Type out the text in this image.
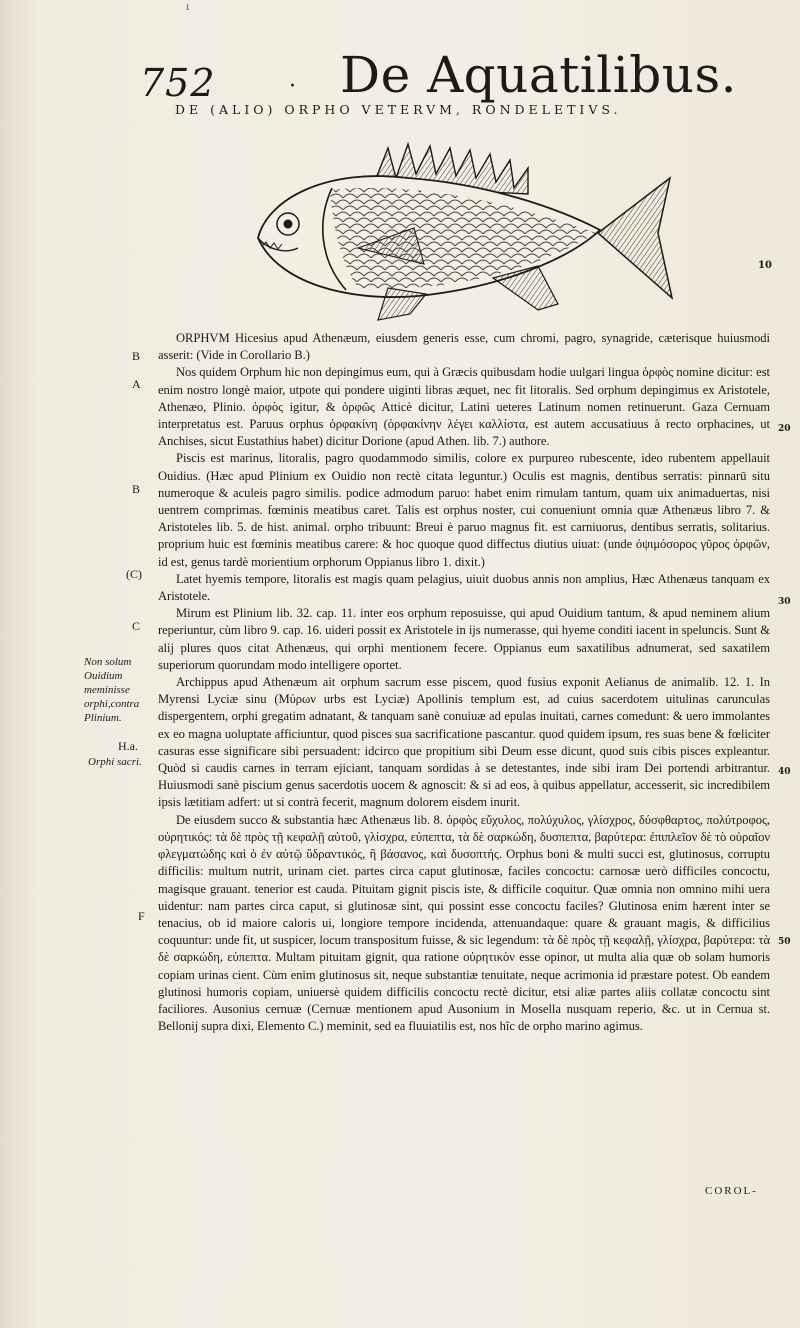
ı
752	· De Aquatilibus.
DE (ALIO) ORPHO VETERVM, RONDELETIVS.
10
B
A
B
(C)
C
H.a.
F
Non solum Ouidium meminisse orphi,contra Plinium.
Orphi sacri.
20
30
40
50

ORPHVM Hicesius apud Athenæum, eiusdem generis esse, cum chromi, pagro, synagride, cæterisque huiusmodi asserit: (Vide in Corollario B.)

Nos quidem Orphum hic non depingimus eum, qui à Græcis quibusdam hodie uulgari lingua ὀρφὸς nomine dicitur: est enim nostro longè maior, utpote qui pondere uiginti libras æquet, nec fit litoralis. Sed orphum depingimus ex Aristotele, Athenæo, Plinio. ὀρφὸς igitur, & ὀρφῶς Atticè dicitur, Latini ueteres Latinum nomen retinuerunt. Gaza Cernuam interpretatus est. Paruus orphus ὀρφακίνη (ὀρφακίνην λέγει καλλίστα, est autem accusatiuus à recto orphacines, ut Anchises, sicut Eustathius habet) dicitur Dorione (apud Athen. lib. 7.) authore.

Piscis est marinus, litoralis, pagro quodammodo similis, colore ex purpureo rubescente, ideo rubentem appellauit Ouidius. (Hæc apud Plinium ex Ouidio non rectè citata leguntur.) Oculis est magnis, dentibus serratis: pinnarū situ numeroque & aculeis pagro similis. podice admodum paruo: habet enim rimulam tantum, quam uix animaduertas, nisi uentrem comprimas. fœminis meatibus caret. Talis est orphus noster, cui conueniunt omnia quæ Athenæus libro 7. & Aristoteles lib. 5. de hist. animal. orpho tribuunt: Breui è paruo magnus fit. est carniuorus, dentibus serratis, solitarius. proprium huic est fœminis meatibus carere: & hoc quoque quod diffectus diutius uiuat: (unde ὀψιμόσορος γῦρος ὀρφῶν, id est, genus tardè morientium orphorum Oppianus libro 1. dixit.)

Latet hyemis tempore, litoralis est magis quam pelagius, uiuit duobus annis non amplius, Hæc Athenæus tanquam ex Aristotele.

Mirum est Plinium lib. 32. cap. 11. inter eos orphum reposuisse, qui apud Ouidium tantum, & apud neminem alium reperiuntur, cùm libro 9. cap. 16. uideri possit ex Aristotele in ijs numerasse, qui hyeme conditi iacent in speluncis. Sunt & alij plures quos citat Athenæus, qui orphi mentionem fecere. Oppianus eum saxatilibus adnumerat, sed saxatilem superiorum quorundam modo intelligere oportet.

Archippus apud Athenæum ait orphum sacrum esse piscem, quod fusius exponit Aelianus de animalib. 12. 1. In Myrensi Lyciæ sinu (Μύρων urbs est Lyciæ) Apollinis templum est, ad cuius sacerdotem uitulinas carunculas dispergentem, orphi gregatim adnatant, & tanquam sanè conuiuæ ad epulas inuitati, carnes comedunt: & uero immolantes ex eo magna uoluptate afficiuntur, quod pisces sua sacrificatione pascantur. quod quidem ipsum, res suas bene & fœliciter casuras esse significare sibi persuadent: idcirco que propitium sibi Deum esse dicunt, quod suis cibis pisces expleantur. Quòd si caudis carnes in terram ejiciant, tanquam sordidas à se detestantes, inde sibi iram Dei portendi arbitrantur. Huiusmodi sanè piscium genus sacerdotis uocem & agnoscit: & si ad eos, à quibus appellatur, accesserit, sic incredibilem ipsis lætitiam adfert: ut si contrà fecerit, magnum dolorem eisdem inurit.

De eiusdem succo & substantia hæc Athenæus lib. 8. ὀρφὸς εὔχυλος, πολύχυλος, γλίσχρος, δύσφθαρτος, πολύτροφος, οὐρητικός: τὰ δὲ πρὸς τῇ κεφαλῇ αὐτοῦ, γλίσχρα, εὐπεπτα, τὰ δὲ σαρκώδη, δυσπεπτα, βαρύτερα: ἐπιπλεῖον δὲ τὸ οὐραῖον φλεγματώδης καὶ ὁ ἐν αὐτῷ ὕδραντικός, ἢ βάσανος, καὶ δυσοπτής. Orphus boni & multi succi est, glutinosus, corruptu difficilis: multum nutrit, urinam ciet. partes circa caput glutinosæ, faciles concoctu: carnosæ uerò difficiles concoctu, magisque grauant. tenerior est cauda. Pituitam gignit piscis iste, & difficile coquitur. Quæ omnia non omnino mihi uera uidentur: nam partes circa caput, si glutinosæ sint, qui possint esse concoctu faciles? Glutinosa enim hærent inter se tenacius, ob id maiore caloris ui, longiore tempore incidenda, attenuandaque: quare & grauant magis, & difficilius coquuntur: unde fit, ut suspicer, locum transpositum fuisse, & sic legendum: τὰ δὲ πρὸς τῇ κεφαλῇ, γλίσχρα, βαρύτερα: τὰ δὲ σαρκώδη, εὐπεπτα. Multam pituitam gignit, qua ratione οὐρητικὸν esse opinor, ut multa alia quæ ob solam humoris copiam urinas cient. Cùm enim glutinosus sit, neque substantiæ tenuitate, neque acrimonia id præstare potest. Ob eandem glutinosi humoris copiam, uniuersè quidem difficilis concoctu rectè dicitur, etsi aliæ partes aliis collatæ concoctu sint faciliores. Ausonius cernuæ (Cernuæ mentionem apud Ausonium in Mosella nusquam reperio, &c. ut in Cernua st. Bellonij supra dixi, Elemento C.) meminit, sed ea fluuiatilis est, nos hîc de orpho marino agimus.

COROL-
